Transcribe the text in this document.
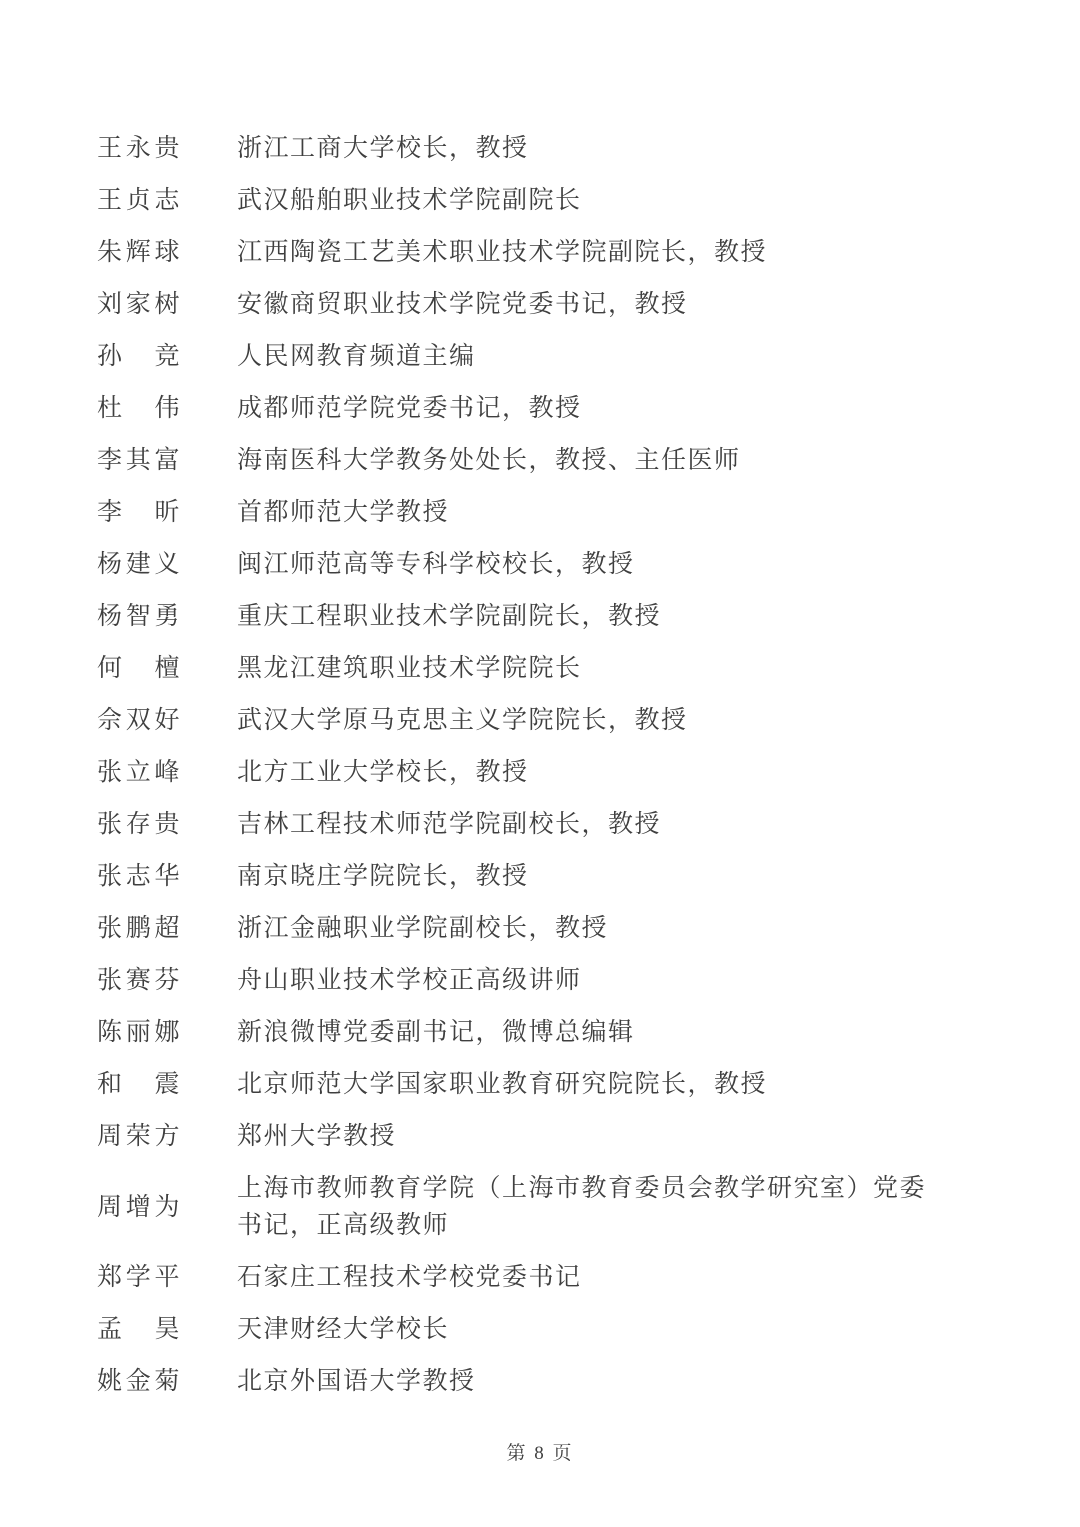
王永贵 浙江工商大学校长，教授
王贞志 武汉船舶职业技术学院副院长
朱辉球 江西陶瓷工艺美术职业技术学院副院长，教授
刘家树 安徽商贸职业技术学院党委书记，教授
孙　竞 人民网教育频道主编
杜　伟 成都师范学院党委书记，教授
李其富 海南医科大学教务处处长，教授、主任医师
李　昕 首都师范大学教授
杨建义 闽江师范高等专科学校校长，教授
杨智勇 重庆工程职业技术学院副院长，教授
何　檀 黑龙江建筑职业技术学院院长
佘双好 武汉大学原马克思主义学院院长，教授
张立峰 北方工业大学校长，教授
张存贵 吉林工程技术师范学院副校长，教授
张志华 南京晓庄学院院长，教授
张鹏超 浙江金融职业学院副校长，教授
张赛芬 舟山职业技术学校正高级讲师
陈丽娜 新浪微博党委副书记，微博总编辑
和　震 北京师范大学国家职业教育研究院院长，教授
周荣方 郑州大学教授
周增为
上海市教师教育学院（上海市教育委员会教学研究室）党委书记，正高级教师
郑学平 石家庄工程技术学校党委书记
孟　昊 天津财经大学校长
姚金菊 北京外国语大学教授
第 8 页
